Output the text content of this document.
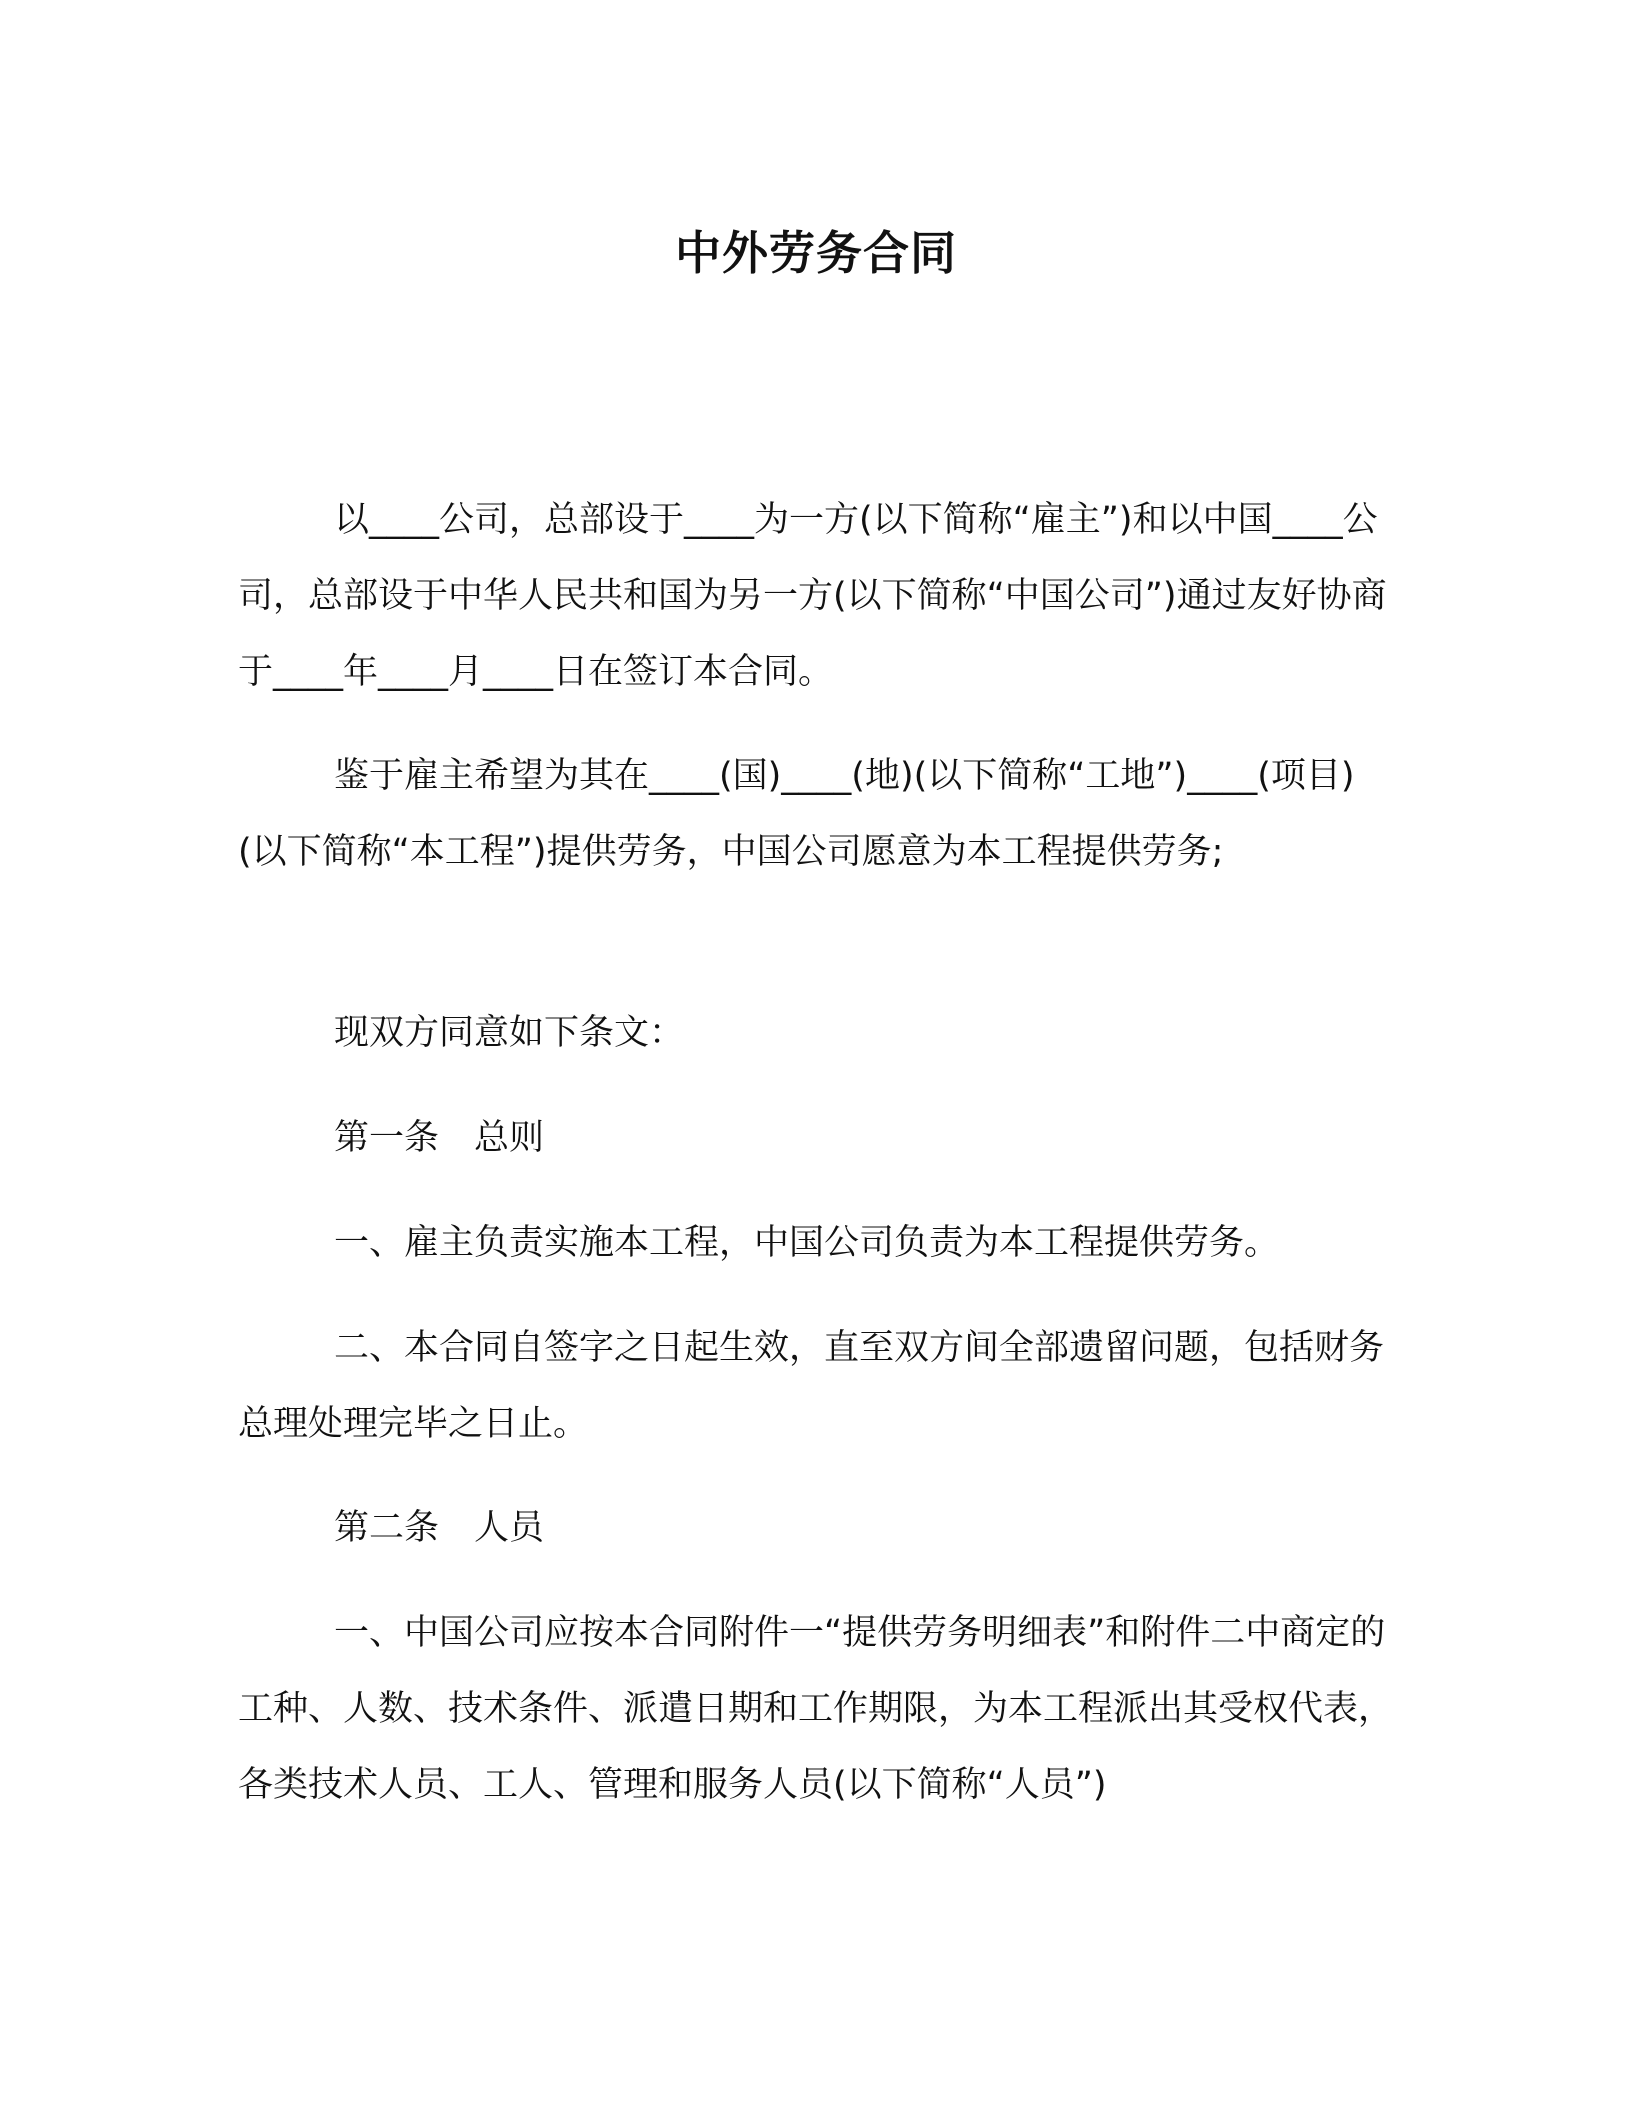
中外劳务合同

以____公司，总部设于____为一方(以下简称“雇主”)和以中国____公司，总部设于中华人民共和国为另一方(以下简称“中国公司”)通过友好协商于____年____月____日在签订本合同。

鉴于雇主希望为其在____(国)____(地)(以下简称“工地”)____(项目)(以下简称“本工程”)提供劳务，中国公司愿意为本工程提供劳务;

现双方同意如下条文：

第一条　总则

一、雇主负责实施本工程，中国公司负责为本工程提供劳务。

二、本合同自签字之日起生效，直至双方间全部遗留问题，包括财务总理处理完毕之日止。

第二条　人员

一、中国公司应按本合同附件一“提供劳务明细表”和附件二中商定的工种、人数、技术条件、派遣日期和工作期限，为本工程派出其受权代表，各类技术人员、工人、管理和服务人员(以下简称“人员”)
